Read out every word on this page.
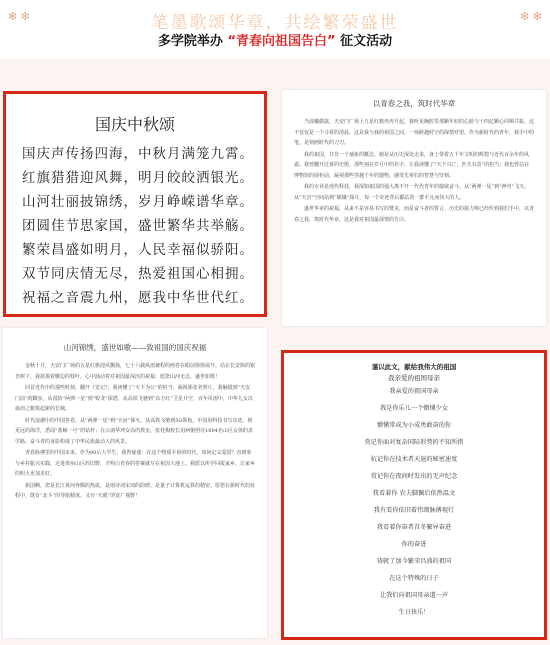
✻ ✼	✼ ✻
笔墨歌颂华章，共绘繁荣盛世
多学院举办 “青春向祖国告白” 征文活动
国庆中秋颂
国庆声传扬四海，中秋月满笼九霄。
红旗猎猎迎风舞，明月皎皎洒银光。
山河壮丽披锦绣，岁月峥嵘谱华章。
团圆佳节思家国，盛世繁华共举觞。
繁荣昌盛如明月，人民幸福似骄阳。
双节同庆情无尽，热爱祖国心相拥。
祝福之音震九州，愿我中华世代红。
山河锦绣，盛世如歌——致祖国的国庆祝福

金秋十月，天安门广场的五星红旗迎风飘扬，七十六载风雨兼程的画卷在眼前徐徐展开。站在长安街的银杏树下，我抚摸着脚边的枝叶，心中涌动着对祖国最深沉的祝福：愿您山河无恙，盛世如歌！

回首近代中的那些时刻，翻开《觉记》，我读懂了“天下为公”的担当；凝视那张老照片，我触摸到“天安门前”的脚步。从国防“两弹一星”到“蛟龙”深潜，从高铁飞驰到“东方红”卫星升空，百年风雨中，中华儿女以血肉之躯筑起新的长城。

时代浪潮中的中国答卷，从“两弹一星”到“天问”探火，从高铁飞驰到5G领航，中国用科技书写奇迹。到更远的海洋，悉闻“蓝鲸一号”的钻杆；在云南华坪女高的教室，张桂梅校长用病躯照亮1804名山区女孩的求学路。奋斗者的身影构成了中华民族最动人的风景。

青春脉搏里的中国未来。作为00后大学生，我曾疑惑：在这个物质丰裕的时代，如何定义爱国？直到参与乡村振兴实践，走进贵州山区的田野，才明白青春的答案就写在祖国大地上。我愿以所学回报家乡，让家乡的明天更加美好。

祖国啊，您是长江黄河奔腾的热血，是雨诗词宋词的韵律，是量子计算机运算的精密。愿您在新时代的征程中，既有“北斗”的导航精度，又有“天眼”的宽广视野！

以青春之我，筑时代华章

当晨曦微露，天安门广场上五星红旗冉冉升起，我听见胸腔里那颗年轻的心脏与十四亿颗心同频共振。这不仅仅是一个寻常的清晨，这是我与我的祖国之间，一场跨越时空的深情对望。作为新时代的青年，我手中的笔，是刻画时代的刀刃。

我的祖国，并非一个抽象的概念，她是从历史深处走来，身上带着五千年文明的辉煌与近代百余年的风霜。我曾翻开泛黄的史册，那些刻在岁月中的名字，让我读懂了“天下兴亡，匹夫有责”的担当；我也曾站在博物馆的展柜前，凝视那些穿越千年的器物，感受先辈们的智慧与坚韧。

我的专业是现代科技，我深知祖国的强大离不开一代代青年的接续奋斗。从“两弹一星”到“神舟”飞天，从“天宫”空间站到“嫦娥”探月，每一个奇迹背后都站着一群平凡而伟大的人。

盛世华章的祝福，从来不是容易书写的赞美，而是奋斗者的誓言。历史的接力棒已经传到我们手中，以青春之我，筑时代华章，这是我对祖国最深情的告白。

谨以此文，献给我伟大的祖国
我亲爱的祖国母亲
我亲爱的祖国母亲
我是你乐儿一个懵懂少女
懵懂常成为小成勇敢奋的你
赏记你面对复杂国际形势的不知所措
抗记你在技术者天退的秘密速度
赏记你在夜间时发出的无声纪念
我看着你 农夫脚佩后依然温文
我有看你依旧着伟颂脉搏视行
我看着你奋者首冬繁异奋进
你的奋进
铸就了加今繁荣昌盛的祖国
在这个特殊的日子
让我们向祖国母亲道一声
生日快乐！
